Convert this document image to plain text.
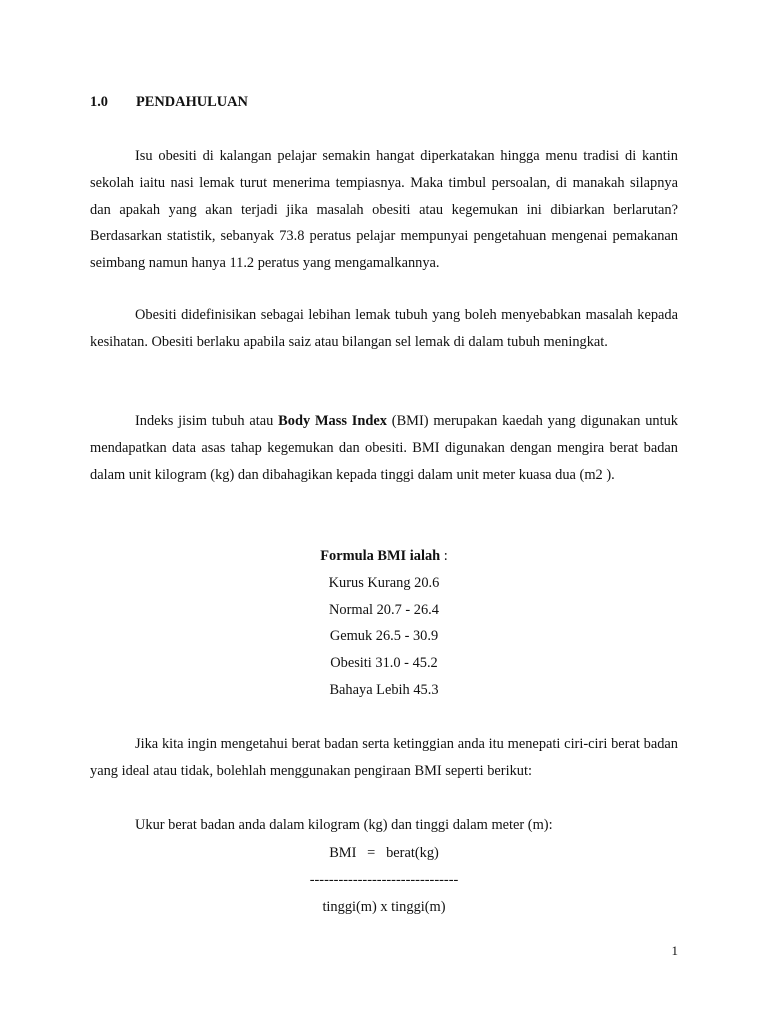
1.0 PENDAHULUAN

Isu obesiti di kalangan pelajar semakin hangat diperkatakan hingga menu tradisi di kantin sekolah iaitu nasi lemak turut menerima tempiasnya. Maka timbul persoalan, di manakah silapnya dan apakah yang akan terjadi jika masalah obesiti atau kegemukan ini dibiarkan berlarutan? Berdasarkan statistik, sebanyak 73.8 peratus pelajar mempunyai pengetahuan mengenai pemakanan seimbang namun hanya 11.2 peratus yang mengamalkannya.

Obesiti didefinisikan sebagai lebihan lemak tubuh yang boleh menyebabkan masalah kepada kesihatan. Obesiti berlaku apabila saiz atau bilangan sel lemak di dalam tubuh meningkat.

Indeks jisim tubuh atau Body Mass Index (BMI) merupakan kaedah yang digunakan untuk mendapatkan data asas tahap kegemukan dan obesiti. BMI digunakan dengan mengira berat badan dalam unit kilogram (kg) dan dibahagikan kepada tinggi dalam unit meter kuasa dua (m2 ).

Formula BMI ialah :
Kurus Kurang 20.6
Normal 20.7 - 26.4
Gemuk 26.5 - 30.9
Obesiti 31.0 - 45.2
Bahaya Lebih 45.3

Jika kita ingin mengetahui berat badan serta ketinggian anda itu menepati ciri-ciri berat badan yang ideal atau tidak, bolehlah menggunakan pengiraan BMI seperti berikut:

Ukur berat badan anda dalam kilogram (kg) dan tinggi dalam meter (m):
BMI   =   berat(kg)
-------------------------------
tinggi(m) x tinggi(m)
1
